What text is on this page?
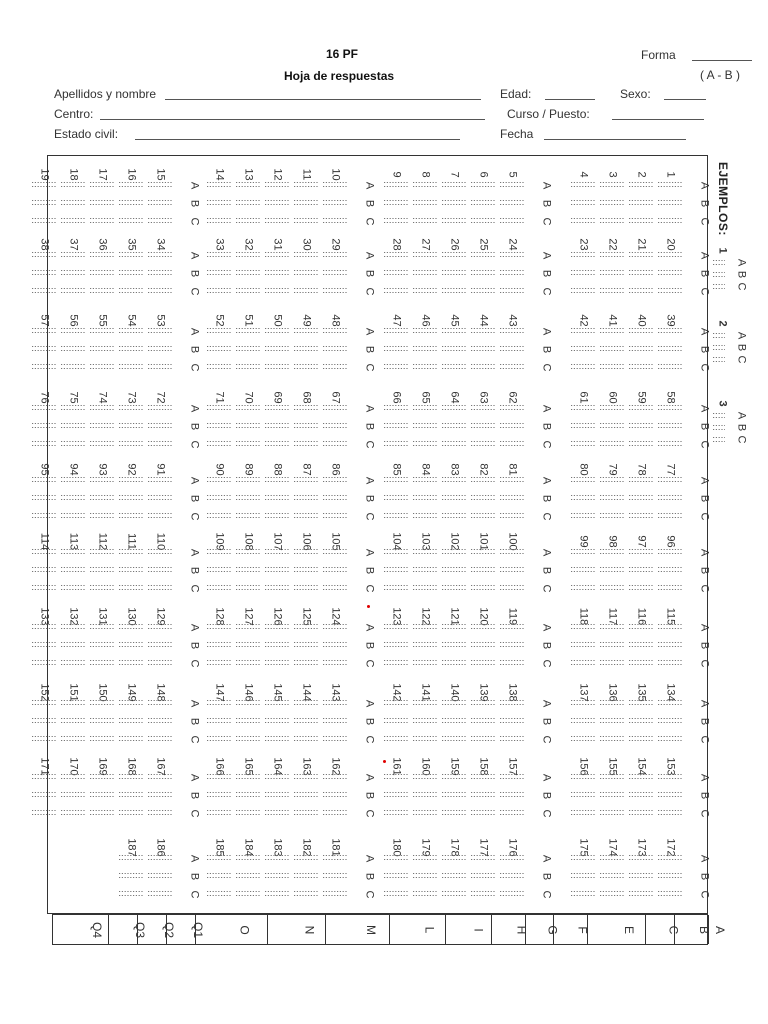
16 PF
Hoja de respuestas
Forma
( A - B )
Apellidos y nombre	Edad:	Sexo:
Centro:	Curso / Puesto:
Estado civil:	Fecha
EJEMPLOS:
Q4 Q3 Q2 Q1	O	N	M	L	I H G F	E C B A
19 18 17 16 15
A
B
C
14 13 12 11 10
A
B
C
9 8 7 6 5
A
B
C
4 3 2 1
A
B
C
38 37 36 35 34
A
B
C
33 32 31 30 29
A
B
C
28 27 26 25 24
A
B
C
23 22 21 20
A
B
C
57 56 55 54 53
A
B
C
52 51 50 49 48
A
B
C
47 46 45 44 43
A
B
C
42 41 40 39
A
B
C
76 75 74 73 72
A
B
C
71 70 69 68 67
A
B
C
66 65 64 63 62
A
B
C
61 60 59 58
A
B
C
95 94 93 92 91
A
B
C
90 89 88 87 86
A
B
C
85 84 83 82 81
A
B
C
80 79 78 77
A
B
C
114 113 112 111 110
A
B
C
109 108 107 106 105
A
B
C
104 103 102 101 100
A
B
C
99 98 97 96
A
B
C
133 132 131 130 129
A
B
C
128 127 126 125 124
A
B
C
123 122 121 120 119
A
B
C
118 117 116 115
A
B
C
152 151 150 149 148
A
B
C
147 146 145 144 143
A
B
C
142 141 140 139 138
A
B
C
137 136 135 134
A
B
C
171 170 169 168 167
A
B
C
166 165 164 163 162
A
B
C
161 160 159 158 157
A
B
C
156 155 154 153
A
B
C
187 186
A
B
C
185 184 183 182 181
A
B
C
180 179 178 177 176
A
B
C
175 174 173 172
A
B
C
1
A
B
C
2
A
B
C
3
A
B
C
